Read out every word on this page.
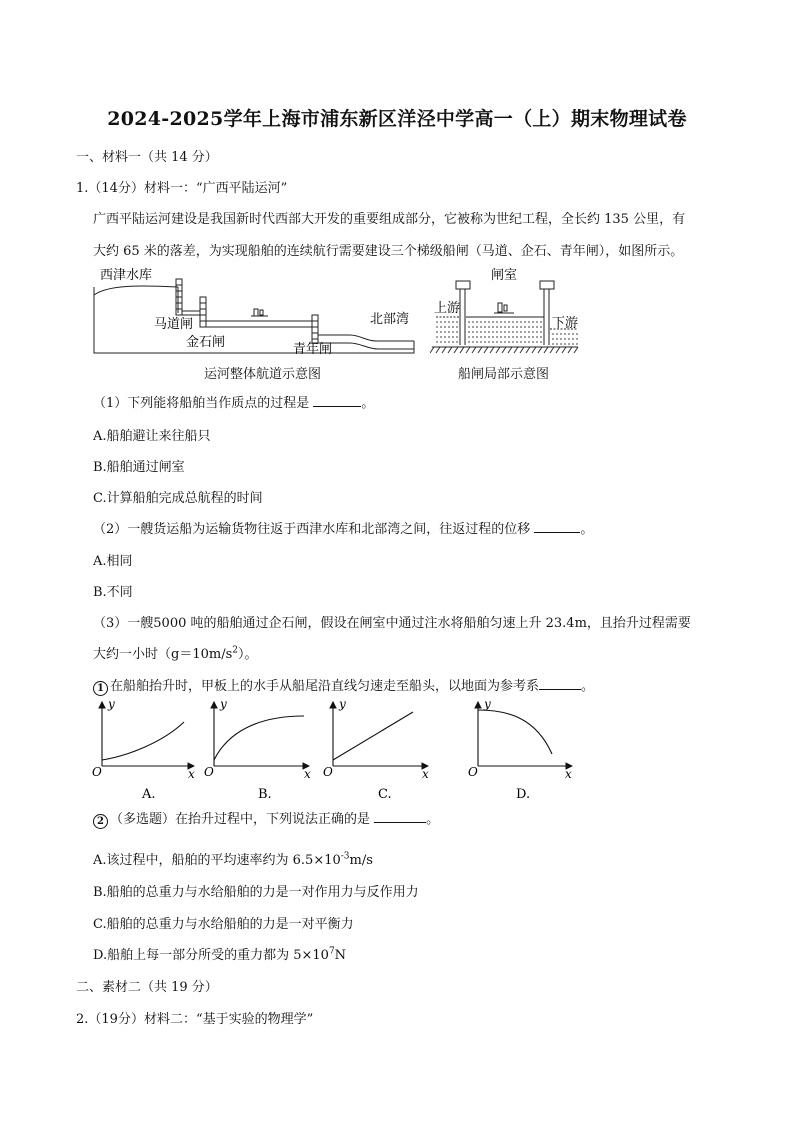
2024-2025学年上海市浦东新区洋泾中学高一（上）期末物理试卷
一、材料一（共 14 分）
1.（14分）材料一：“广西平陆运河”
广西平陆运河建设是我国新时代西部大开发的重要组成部分，它被称为世纪工程，全长约 135 公里，有
大约 65 米的落差，为实现船舶的连续航行需要建设三个梯级船闸（马道、企石、青年闸），如图所示。
西津水库
马道闸
金石闸	青年闸
北部湾
运河整体航道示意图
闸室
上游
下游
船闸局部示意图
（1）下列能将船舶当作质点的过程是	。
A.船舶避让来往船只
B.船舶通过闸室
C.计算船舶完成总航程的时间
（2）一艘货运船为运输货物往返于西津水库和北部湾之间，往返过程的位移	。
A.相同
B.不同
（3）一艘5000 吨的船舶通过企石闸，假设在闸室中通过注水将船舶匀速上升 23.4m，且抬升过程需要
大约一小时$(g=10m/s^2)$。
1 在船舶抬升时，甲板上的水手从船尾沿直线匀速走至船头，以地面为参考系	。
y
x
O
y
x
O
y
x
O
y
x
O
A.	B.	C.	D.
2 （多选题）在抬升过程中，下列说法正确的是	。
A.该过程中，船舶的平均速率约为 $6.5\times 10^{-3}m/s$
B.船舶的总重力与水给船舶的力是一对作用力与反作用力
C.船舶的总重力与水给船舶的力是一对平衡力
D.船舶上每一部分所受的重力都为 $5\times 10^7N$
二、素材二（共 19 分）
2.（19分）材料二：“基于实验的物理学”
